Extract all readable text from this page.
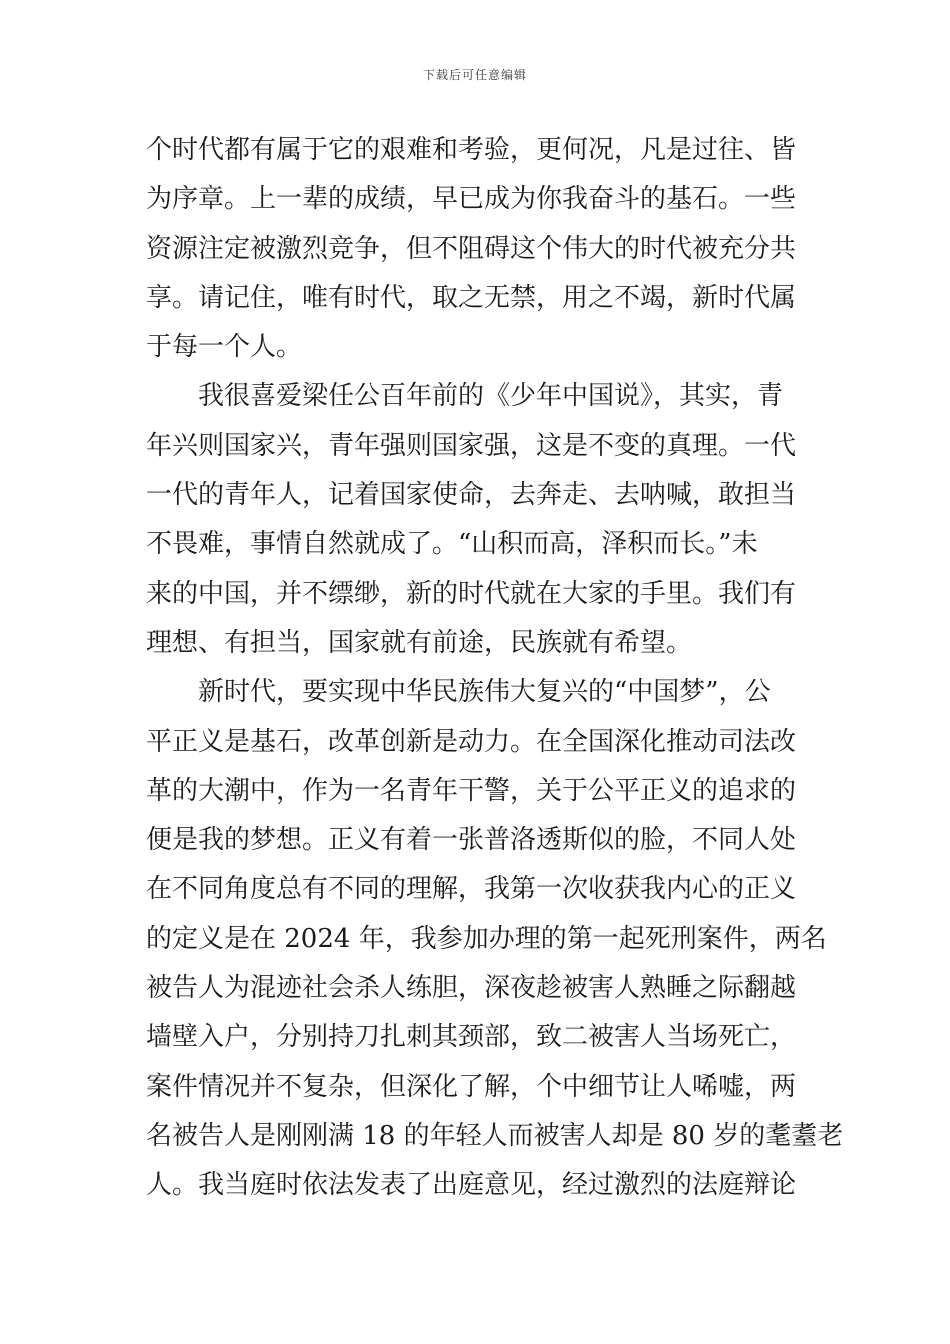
下载后可任意编辑
个时代都有属于它的艰难和考验，更何况，凡是过往、皆
为序章。上一辈的成绩，早已成为你我奋斗的基石。一些
资源注定被激烈竞争，但不阻碍这个伟大的时代被充分共
享。请记住，唯有时代，取之无禁，用之不竭，新时代属
于每一个人。
　　我很喜爱梁任公百年前的《少年中国说》，其实，青
年兴则国家兴，青年强则国家强，这是不变的真理。一代
一代的青年人，记着国家使命，去奔走、去呐喊，敢担当
不畏难，事情自然就成了。“山积而高，泽积而长。”未
来的中国，并不缥缈，新的时代就在大家的手里。我们有
理想、有担当，国家就有前途，民族就有希望。
　　新时代，要实现中华民族伟大复兴的“中国梦”，公
平正义是基石，改革创新是动力。在全国深化推动司法改
革的大潮中，作为一名青年干警，关于公平正义的追求的
便是我的梦想。正义有着一张普洛透斯似的脸，不同人处
在不同角度总有不同的理解，我第一次收获我内心的正义
的定义是在 2024 年，我参加办理的第一起死刑案件，两名
被告人为混迹社会杀人练胆，深夜趁被害人熟睡之际翻越
墙壁入户，分别持刀扎刺其颈部，致二被害人当场死亡，
案件情况并不复杂，但深化了解，个中细节让人唏嘘，两
名被告人是刚刚满 18 的年轻人而被害人却是 80 岁的耄耋老
人。我当庭时依法发表了出庭意见，经过激烈的法庭辩论
